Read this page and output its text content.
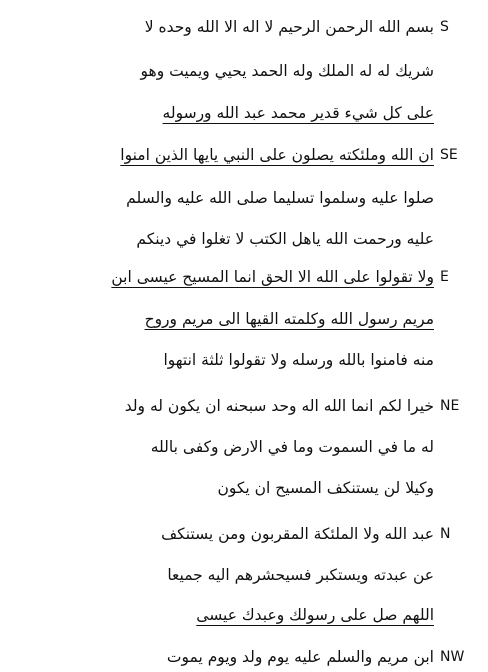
S
بسم الله الرحمن الرحيم لا اله الا الله وحده لا
شريك له له الملك وله الحمد يحيي ويميت وهو
على كل شيء قدير محمد عبد الله ورسوله
SE
ان الله وملئكته يصلون على النبي يايها الذين امنوا
صلوا عليه وسلموا تسليما صلى الله عليه والسلم
عليه ورحمت الله ياهل الكتب لا تغلوا في دينكم
E
ولا تقولوا على الله الا الحق انما المسيح عيسى ابن
مريم رسول الله وكلمته القيها الى مريم وروح
منه فامنوا بالله ورسله ولا تقولوا ثلثة انتهوا
NE
خيرا لكم انما الله اله وحد سبحنه ان يكون له ولد
له ما في السموت وما في الارض وكفى بالله
وكيلا لن يستنكف المسيح ان يكون
N
عبد الله ولا الملئكة المقربون ومن يستنكف
عن عبدته ويستكبر فسيحشرهم اليه جميعا
اللهم صل على رسولك وعبدك عيسى
NW
ابن مريم والسلم عليه يوم ولد ويوم يموت
